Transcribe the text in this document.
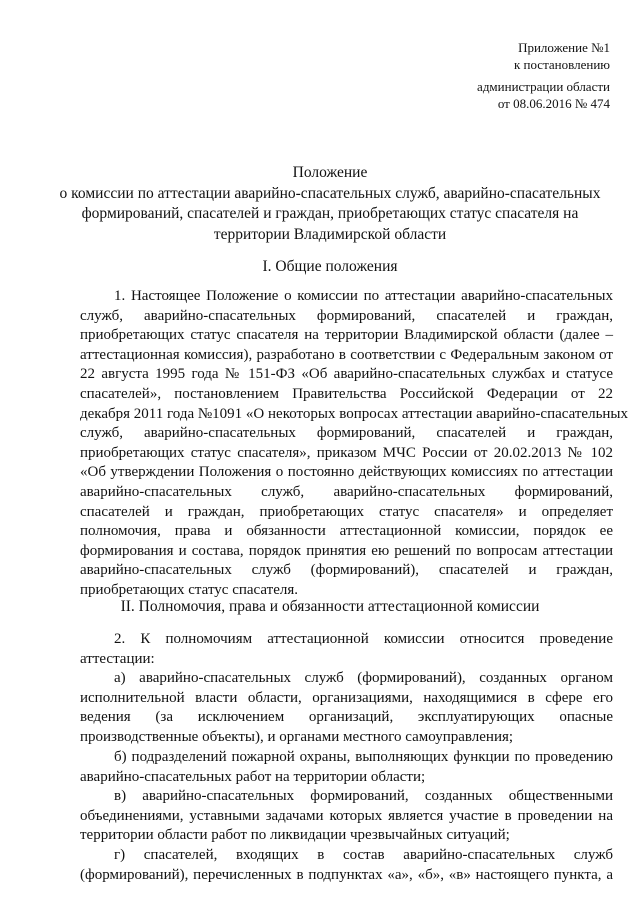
Приложение №1
к постановлению
администрации области
от 08.06.2016 № 474
Положение
о комиссии по аттестации аварийно-спасательных служб, аварийно-спасательных
формирований, спасателей и граждан, приобретающих статус спасателя на
территории Владимирской области
I. Общие положения
1. Настоящее Положение о комиссии по аттестации аварийно-спасательных
служб, аварийно-спасательных формирований, спасателей и граждан,
приобретающих статус спасателя на территории Владимирской области (далее –
аттестационная комиссия), разработано в соответствии с Федеральным законом от
22 августа 1995 года № 151-ФЗ «Об аварийно-спасательных службах и статусе
спасателей», постановлением Правительства Российской Федерации от 22
декабря 2011 года №1091 «О некоторых вопросах аттестации аварийно-спасательных
служб, аварийно-спасательных формирований, спасателей и граждан,
приобретающих статус спасателя», приказом МЧС России от 20.02.2013 № 102
«Об утверждении Положения о постоянно действующих комиссиях по аттестации
аварийно-спасательных служб, аварийно-спасательных формирований,
спасателей и граждан, приобретающих статус спасателя» и определяет
полномочия, права и обязанности аттестационной комиссии, порядок ее
формирования и состава, порядок принятия ею решений по вопросам аттестации
аварийно-спасательных служб (формирований), спасателей и граждан,
приобретающих статус спасателя.
II. Полномочия, права и обязанности аттестационной комиссии
2. К полномочиям аттестационной комиссии относится проведение
аттестации:
а) аварийно-спасательных служб (формирований), созданных органом
исполнительной власти области, организациями, находящимися в сфере его
ведения (за исключением организаций, эксплуатирующих опасные
производственные объекты), и органами местного самоуправления;
б) подразделений пожарной охраны, выполняющих функции по проведению
аварийно-спасательных работ на территории области;
в) аварийно-спасательных формирований, созданных общественными
объединениями, уставными задачами которых является участие в проведении на
территории области работ по ликвидации чрезвычайных ситуаций;
г) спасателей, входящих в состав аварийно-спасательных служб
(формирований), перечисленных в подпунктах «а», «б», «в» настоящего пункта, а
